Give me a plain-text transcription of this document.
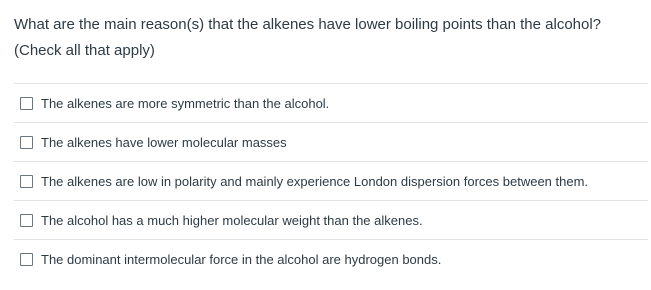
What are the main reason(s) that the alkenes have lower boiling points than the alcohol?

(Check all that apply)

The alkenes are more symmetric than the alcohol.
The alkenes have lower molecular masses
The alkenes are low in polarity and mainly experience London dispersion forces between them.
The alcohol has a much higher molecular weight than the alkenes.
The dominant intermolecular force in the alcohol are hydrogen bonds.
